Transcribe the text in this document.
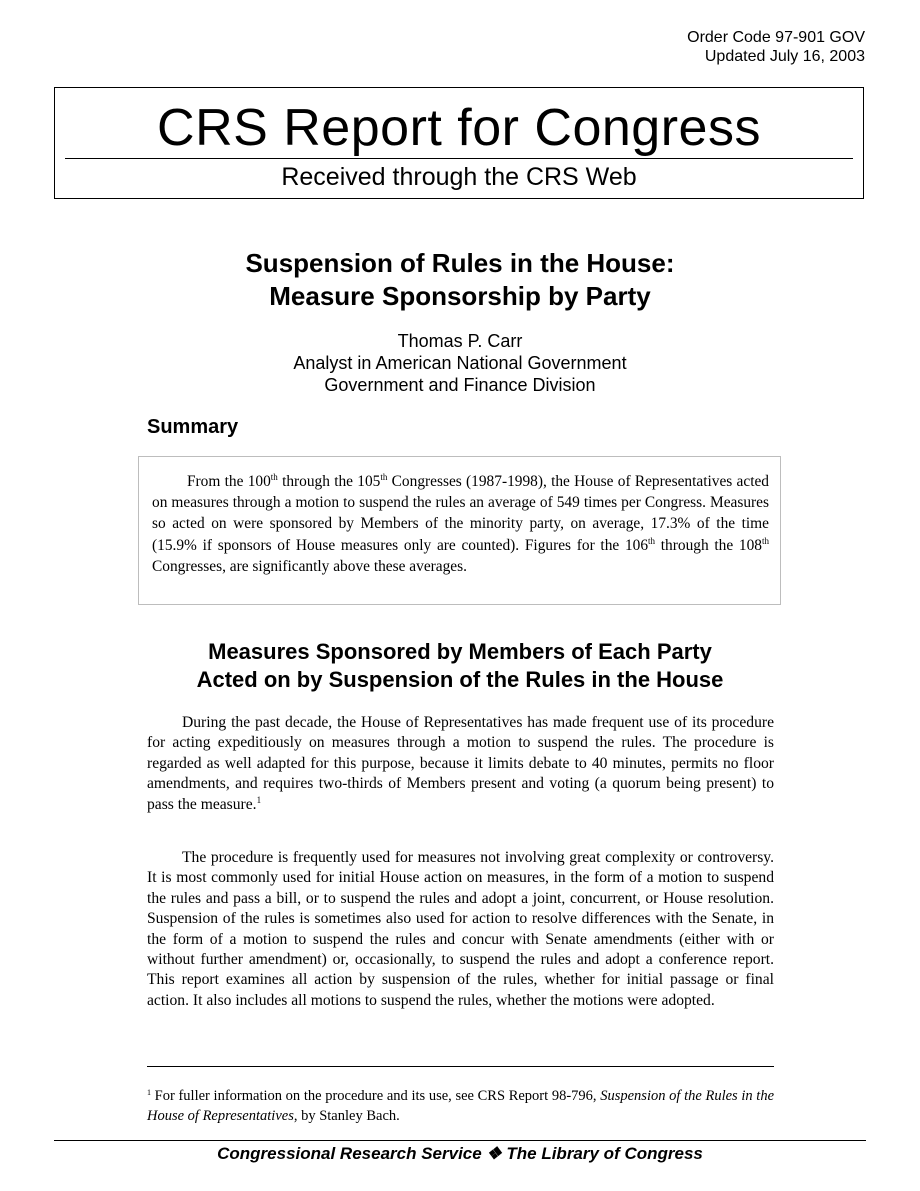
Order Code 97-901 GOV
Updated July 16, 2003
CRS Report for Congress
Received through the CRS Web
Suspension of Rules in the House:
Measure Sponsorship by Party
Thomas P. Carr
Analyst in American National Government
Government and Finance Division
Summary
From the 100th through the 105th Congresses (1987-1998), the House of Representatives acted on measures through a motion to suspend the rules an average of 549 times per Congress. Measures so acted on were sponsored by Members of the minority party, on average, 17.3% of the time (15.9% if sponsors of House measures only are counted). Figures for the 106th through the 108th Congresses, are significantly above these averages.
Measures Sponsored by Members of Each Party
Acted on by Suspension of the Rules in the House
During the past decade, the House of Representatives has made frequent use of its procedure for acting expeditiously on measures through a motion to suspend the rules. The procedure is regarded as well adapted for this purpose, because it limits debate to 40 minutes, permits no floor amendments, and requires two-thirds of Members present and voting (a quorum being present) to pass the measure.$^1$
The procedure is frequently used for measures not involving great complexity or controversy. It is most commonly used for initial House action on measures, in the form of a motion to suspend the rules and pass a bill, or to suspend the rules and adopt a joint, concurrent, or House resolution. Suspension of the rules is sometimes also used for action to resolve differences with the Senate, in the form of a motion to suspend the rules and concur with Senate amendments (either with or without further amendment) or, occasionally, to suspend the rules and adopt a conference report. This report examines all action by suspension of the rules, whether for initial passage or final action. It also includes all motions to suspend the rules, whether the motions were adopted.
$^1$ For fuller information on the procedure and its use, see CRS Report 98-796, Suspension of the Rules in the House of Representatives, by Stanley Bach.
Congressional Research Service ❖ The Library of Congress
